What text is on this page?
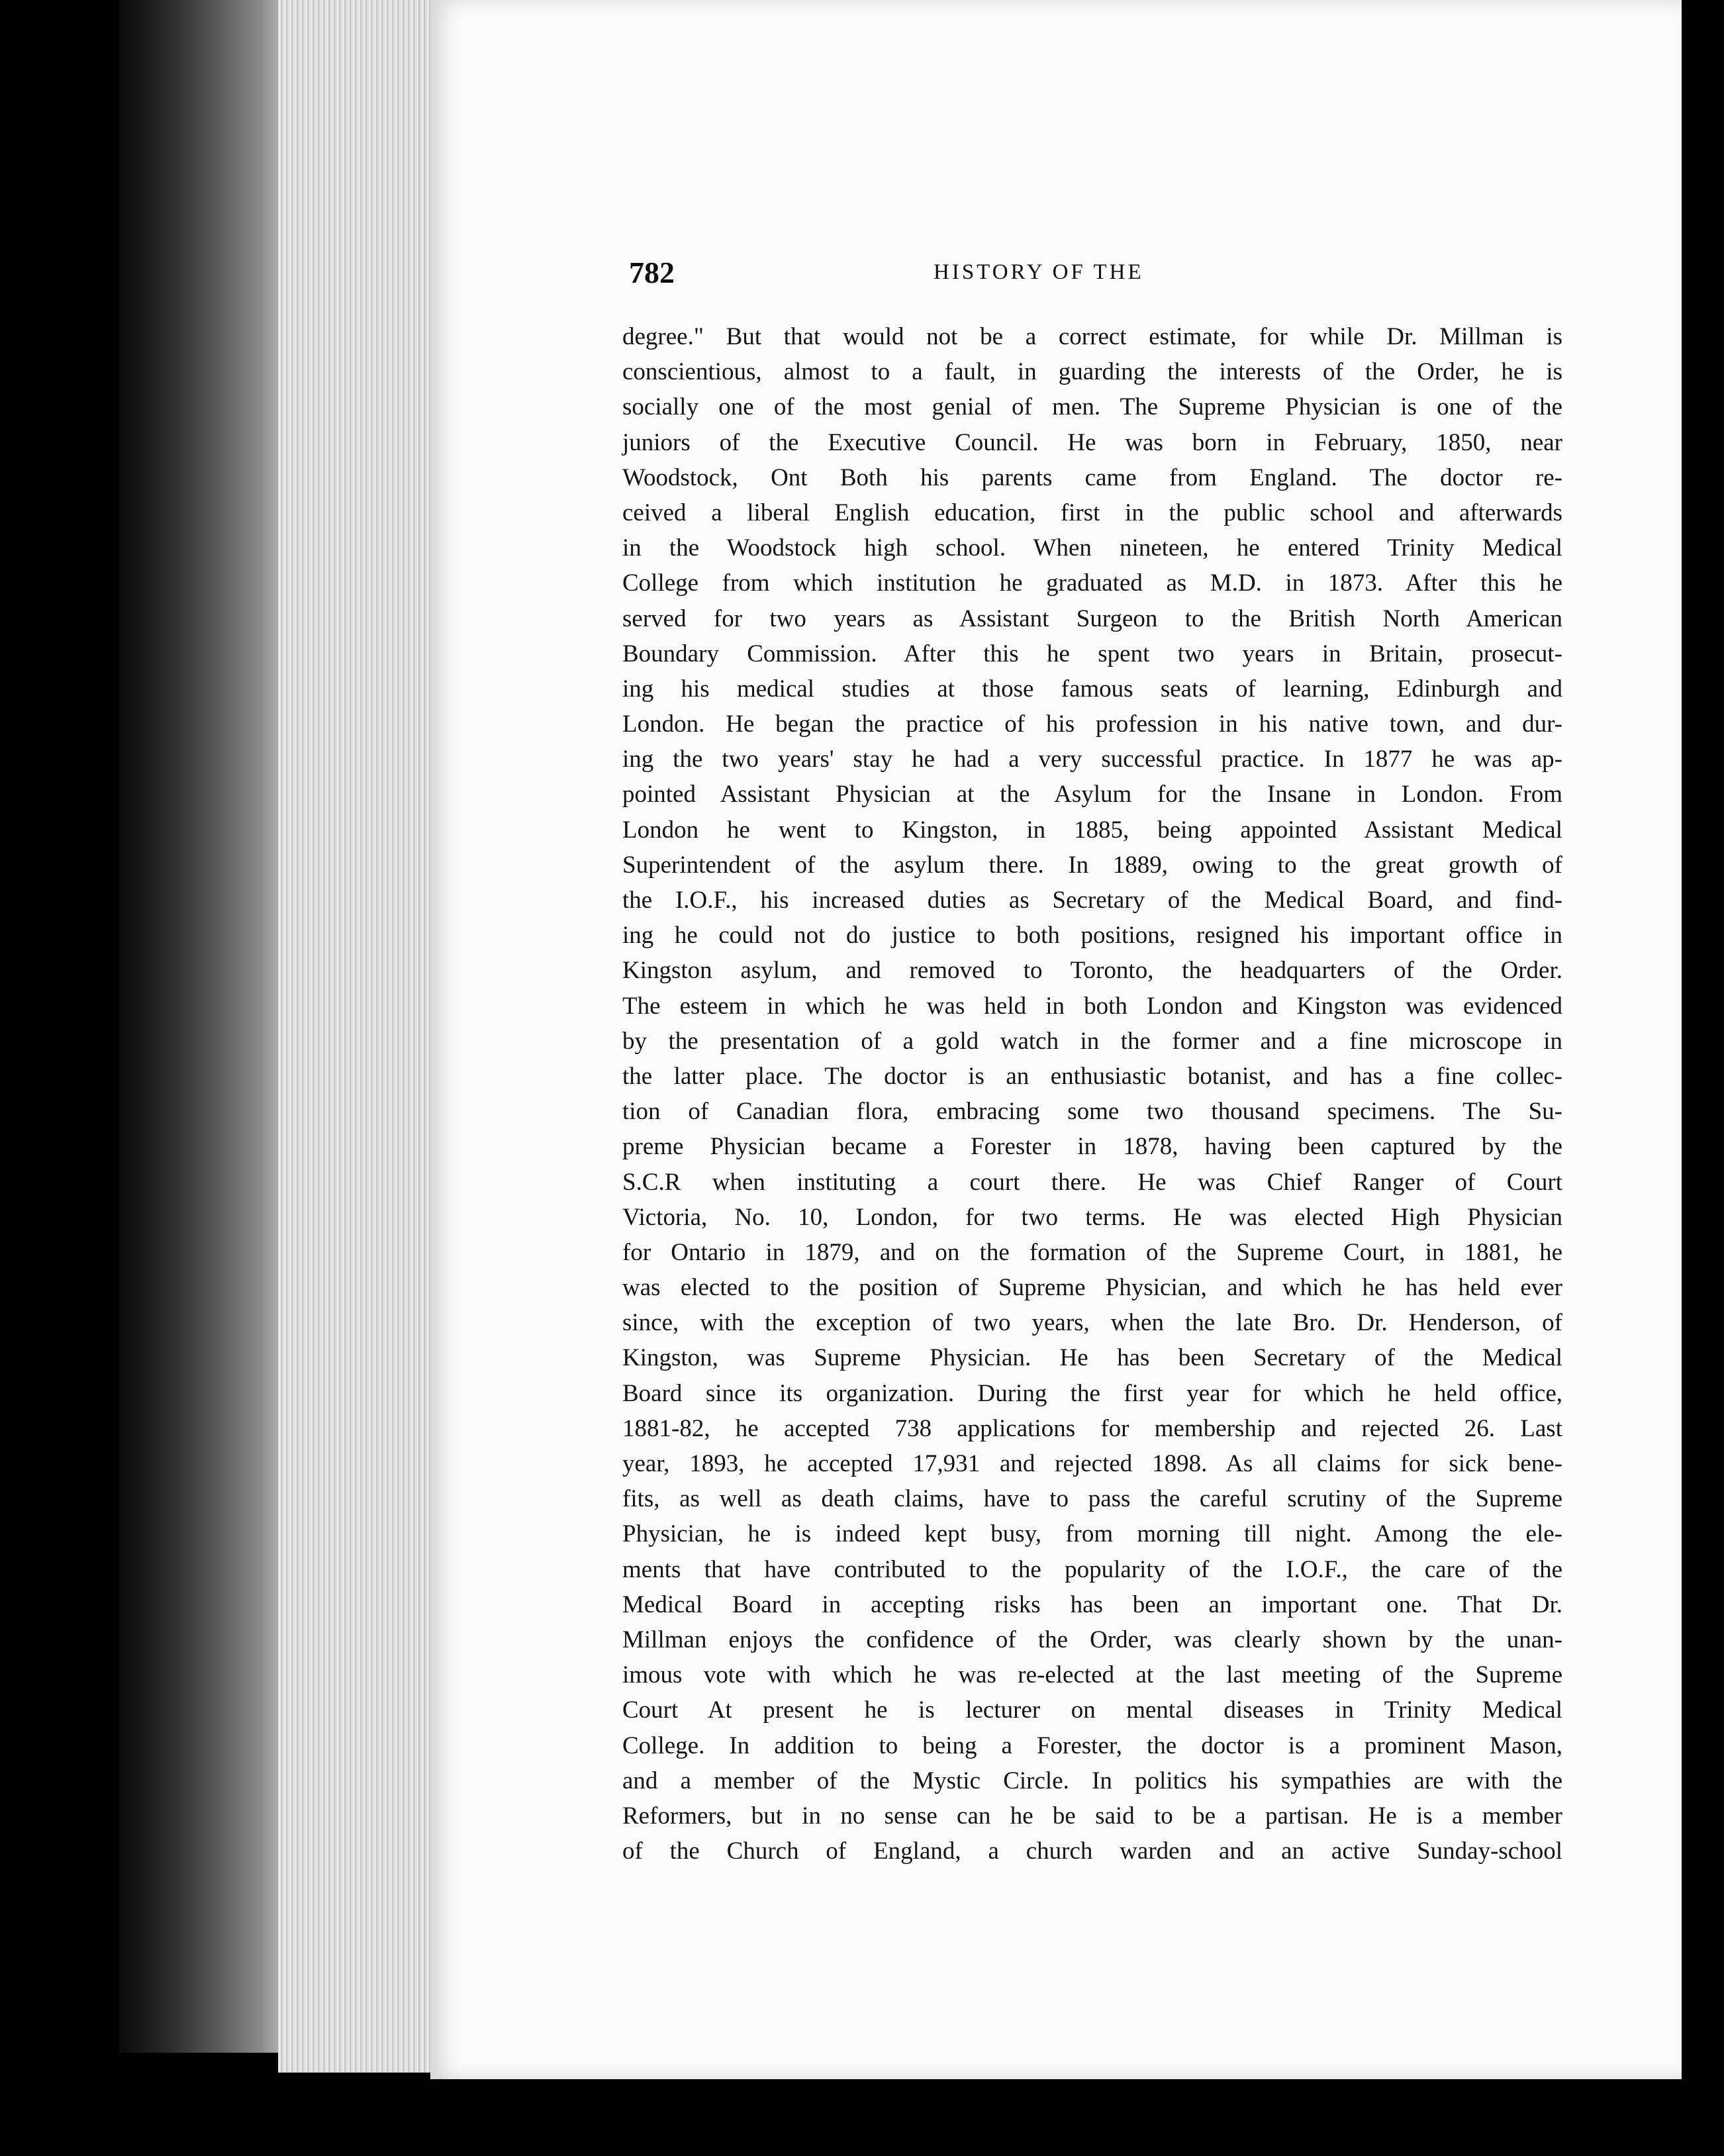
782	HISTORY OF THE
degree." But that would not be a correct estimate, for while Dr. Millman is
conscientious, almost to a fault, in guarding the interests of the Order, he is
socially one of the most genial of men. The Supreme Physician is one of the
juniors of the Executive Council. He was born in February, 1850, near
Woodstock, Ont Both his parents came from England. The doctor re-
ceived a liberal English education, first in the public school and afterwards
in the Woodstock high school. When nineteen, he entered Trinity Medical
College from which institution he graduated as M.D. in 1873. After this he
served for two years as Assistant Surgeon to the British North American
Boundary Commission. After this he spent two years in Britain, prosecut-
ing his medical studies at those famous seats of learning, Edinburgh and
London. He began the practice of his profession in his native town, and dur-
ing the two years' stay he had a very successful practice. In 1877 he was ap-
pointed Assistant Physician at the Asylum for the Insane in London. From
London he went to Kingston, in 1885, being appointed Assistant Medical
Superintendent of the asylum there. In 1889, owing to the great growth of
the I.O.F., his increased duties as Secretary of the Medical Board, and find-
ing he could not do justice to both positions, resigned his important office in
Kingston asylum, and removed to Toronto, the headquarters of the Order.
The esteem in which he was held in both London and Kingston was evidenced
by the presentation of a gold watch in the former and a fine microscope in
the latter place. The doctor is an enthusiastic botanist, and has a fine collec-
tion of Canadian flora, embracing some two thousand specimens. The Su-
preme Physician became a Forester in 1878, having been captured by the
S.C.R when instituting a court there. He was Chief Ranger of Court
Victoria, No. 10, London, for two terms. He was elected High Physician
for Ontario in 1879, and on the formation of the Supreme Court, in 1881, he
was elected to the position of Supreme Physician, and which he has held ever
since, with the exception of two years, when the late Bro. Dr. Henderson, of
Kingston, was Supreme Physician. He has been Secretary of the Medical
Board since its organization. During the first year for which he held office,
1881-82, he accepted 738 applications for membership and rejected 26. Last
year, 1893, he accepted 17,931 and rejected 1898. As all claims for sick bene-
fits, as well as death claims, have to pass the careful scrutiny of the Supreme
Physician, he is indeed kept busy, from morning till night. Among the ele-
ments that have contributed to the popularity of the I.O.F., the care of the
Medical Board in accepting risks has been an important one. That Dr.
Millman enjoys the confidence of the Order, was clearly shown by the unan-
imous vote with which he was re-elected at the last meeting of the Supreme
Court At present he is lecturer on mental diseases in Trinity Medical
College. In addition to being a Forester, the doctor is a prominent Mason,
and a member of the Mystic Circle. In politics his sympathies are with the
Reformers, but in no sense can he be said to be a partisan. He is a member
of the Church of England, a church warden and an active Sunday-school
